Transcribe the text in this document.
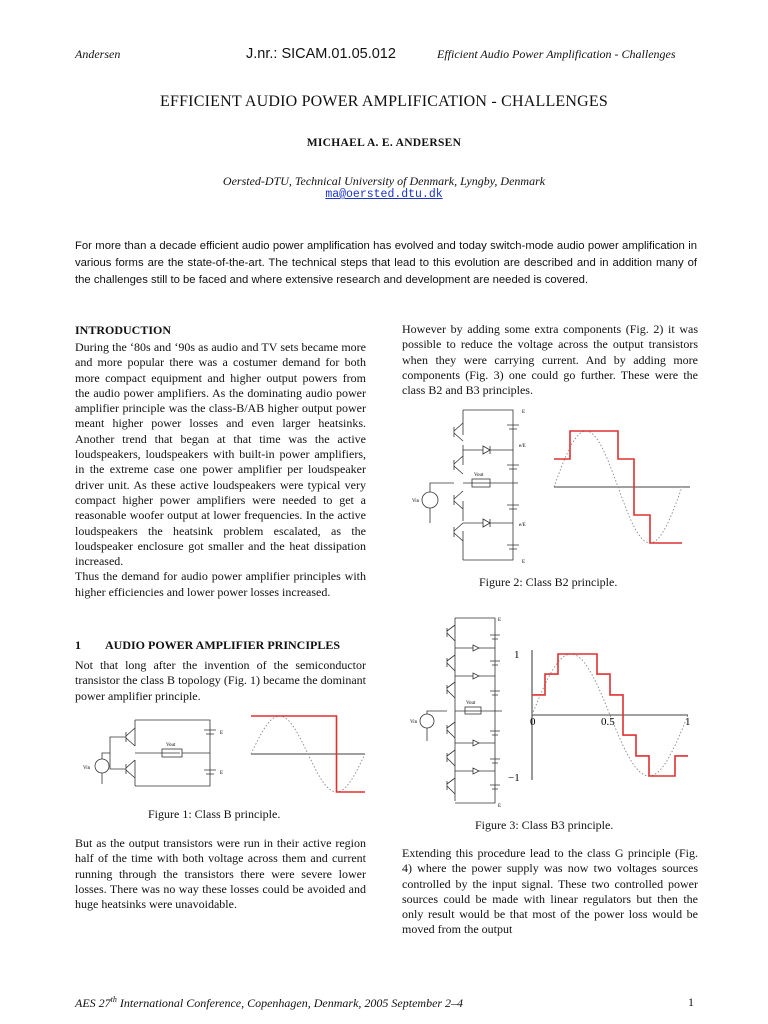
Andersen	J.nr.: SICAM.01.05.012	Efficient Audio Power Amplification - Challenges
EFFICIENT AUDIO POWER AMPLIFICATION - CHALLENGES
MICHAEL A. E. ANDERSEN
Oersted-DTU, Technical University of Denmark, Lyngby, Denmark
ma@oersted.dtu.dk
For more than a decade efficient audio power amplification has evolved and today switch-mode audio power amplification in various forms are the state-of-the-art. The technical steps that lead to this evolution are described and in addition many of the challenges still to be faced and where extensive research and development are needed is covered.
INTRODUCTION
During the ‘80s and ‘90s as audio and TV sets became more and more popular there was a costumer demand for both more compact equipment and higher output powers from the audio power amplifiers. As the dominating audio power amplifier principle was the class-B/AB higher output power meant higher power losses and even larger heatsinks. Another trend that began at that time was the active loudspeakers, loudspeakers with built-in power amplifiers, in the extreme case one power amplifier per loudspeaker driver unit. As these active loudspeakers were typical very compact higher power amplifiers were needed to get a reasonable woofer output at lower frequencies. In the active loudspeakers the heatsink problem escalated, as the loudspeaker enclosure got smaller and the heat dissipation increased.
Thus the demand for audio power amplifier principles with higher efficiencies and lower power losses increased.
1 AUDIO POWER AMPLIFIER PRINCIPLES
Not that long after the invention of the semiconductor transistor the class B topology (Fig. 1) became the dominant power amplifier principle.
Vin
Vout
E
E
Figure 1: Class B principle.
But as the output transistors were run in their active region half of the time with both voltage across them and current running through the transistors there were severe lower losses. There was no way these losses could be avoided and huge heatsinks were unavoidable.
However by adding some extra components (Fig. 2) it was possible to reduce the voltage across the output transistors when they were carrying current. And by adding more components (Fig. 3) one could go further. These were the class B2 and B3 principles.
Vin
Vout
E
e/E
e/E
E
Figure 2: Class B2 principle.
Vin
Vout
E
E
1
−1
0	0.5	1
Figure 3: Class B3 principle.
Extending this procedure lead to the class G principle (Fig. 4) where the power supply was now two voltages sources controlled by the input signal. These two controlled power sources could be made with linear regulators but then the only result would be that most of the power loss would be moved from the output
AES 27th International Conference, Copenhagen, Denmark, 2005 September 2–4	1
